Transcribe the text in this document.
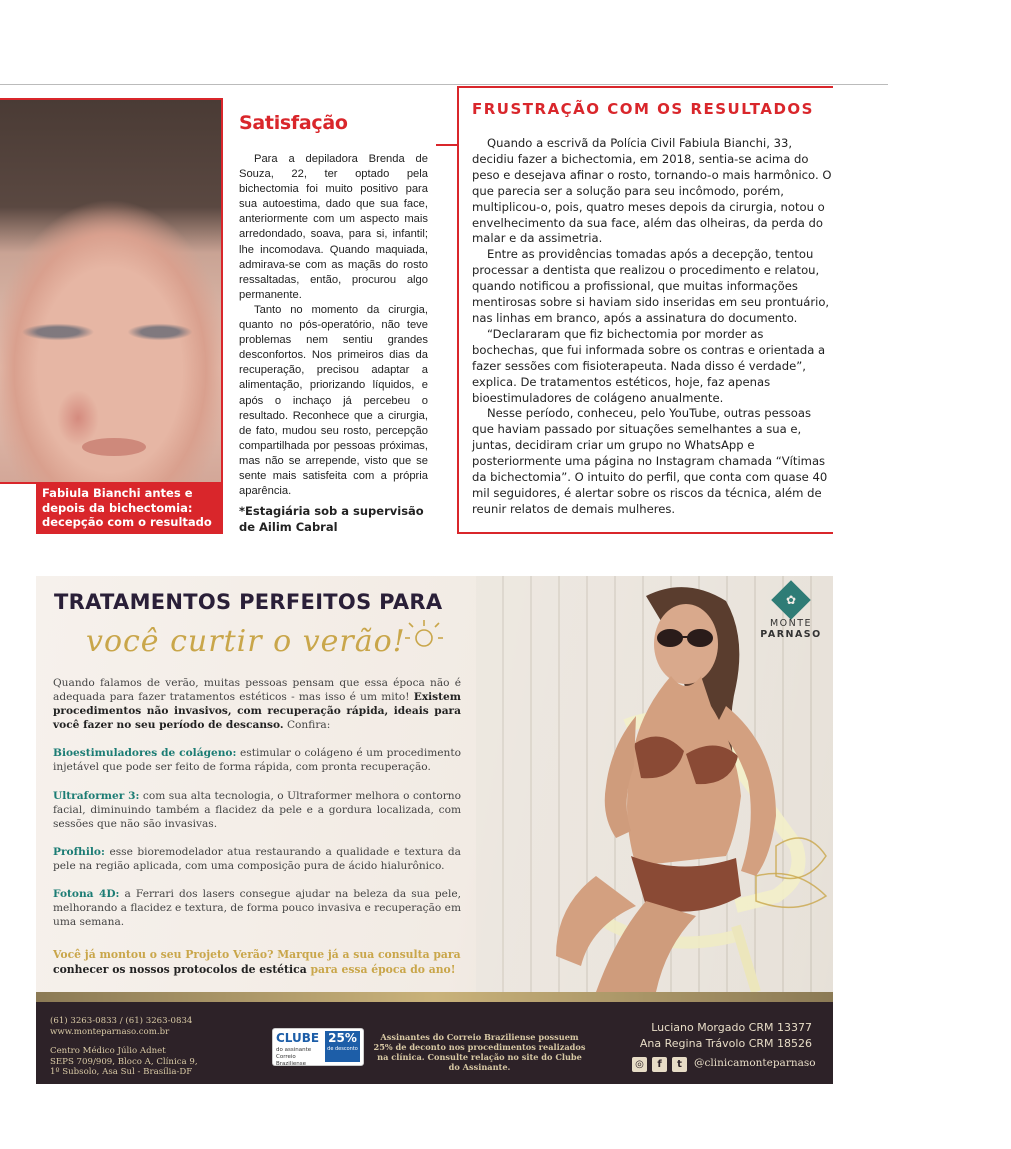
Fabiula Bianchi antes e depois da bichectomia: decepção com o resultado
Satisfação

Para a depiladora Brenda de Souza, 22, ter optado pela bichectomia foi muito positivo para sua autoestima, dado que sua face, anteriormente com um aspecto mais arredondado, soava, para si, infantil; lhe incomodava. Quando maquiada, admirava-se com as maçãs do rosto ressaltadas, então, procurou algo permanente.

Tanto no momento da cirurgia, quanto no pós-operatório, não teve problemas nem sentiu grandes desconfortos. Nos primeiros dias da recuperação, precisou adaptar a alimentação, priorizando líquidos, e após o inchaço já percebeu o resultado. Reconhece que a cirurgia, de fato, mudou seu rosto, percepção compartilhada por pessoas próximas, mas não se arrepende, visto que se sente mais satisfeita com a própria aparência.

*Estagiária sob a supervisão
de Ailim Cabral
FRUSTRAÇÃO COM OS RESULTADOS

Quando a escrivã da Polícia Civil Fabiula Bianchi, 33, decidiu fazer a bichectomia, em 2018, sentia-se acima do peso e desejava afinar o rosto, tornando-o mais harmônico. O que parecia ser a solução para seu incômodo, porém, multiplicou-o, pois, quatro meses depois da cirurgia, notou o envelhecimento da sua face, além das olheiras, da perda do malar e da assimetria.

Entre as providências tomadas após a decepção, tentou processar a dentista que realizou o procedimento e relatou, quando notificou a profissional, que muitas informações mentirosas sobre si haviam sido inseridas em seu prontuário, nas linhas em branco, após a assinatura do documento.

“Declararam que fiz bichectomia por morder as bochechas, que fui informada sobre os contras e orientada a fazer sessões com fisioterapeuta. Nada disso é verdade”, explica. De tratamentos estéticos, hoje, faz apenas bioestimuladores de colágeno anualmente.

Nesse período, conheceu, pelo YouTube, outras pessoas que haviam passado por situações semelhantes a sua e, juntas, decidiram criar um grupo no WhatsApp e posteriormente uma página no Instagram chamada “Vítimas da bichectomia”. O intuito do perfil, que conta com quase 40 mil seguidores, é alertar sobre os riscos da técnica, além de reunir relatos de demais mulheres.

TRATAMENTOS PERFEITOS PARA
você curtir o verão!

Quando falamos de verão, muitas pessoas pensam que essa época não é adequada para fazer tratamentos estéticos - mas isso é um mito! Existem procedimentos não invasivos, com recuperação rápida, ideais para você fazer no seu período de descanso. Confira:

Bioestimuladores de colágeno: estimular o colágeno é um procedimento injetável que pode ser feito de forma rápida, com pronta recuperação.

Ultraformer 3: com sua alta tecnologia, o Ultraformer melhora o contorno facial, diminuindo também a flacidez da pele e a gordura localizada, com sessões que não são invasivas.

Profhilo: esse bioremodelador atua restaurando a qualidade e textura da pele na região aplicada, com uma composição pura de ácido hialurônico.

Fotona 4D: a Ferrari dos lasers consegue ajudar na beleza da sua pele, melhorando a flacidez e textura, de forma pouco invasiva e recuperação em uma semana.

Você já montou o seu Projeto Verão? Marque já a sua consulta para
conhecer os nossos protocolos de estética para essa época do ano!
✿
MONTE
PARNASO
(61) 3263-0833 / (61) 3263-0834
www.monteparnaso.com.br
Centro Médico Júlio Adnet
SEPS 709/909, Bloco A, Clínica 9,
1º Subsolo, Asa Sul - Brasília-DF
CLUBE
do assinante Correio Braziliense
25%
de desconto
Assinantes do Correio Braziliense possuem 25% de deconto nos procedimentos realizados na clínica. Consulte relação no site do Clube do Assinante.
Luciano Morgado CRM 13377
Ana Regina Trávolo CRM 18526
◎	f	t	@clinicamonteparnaso
